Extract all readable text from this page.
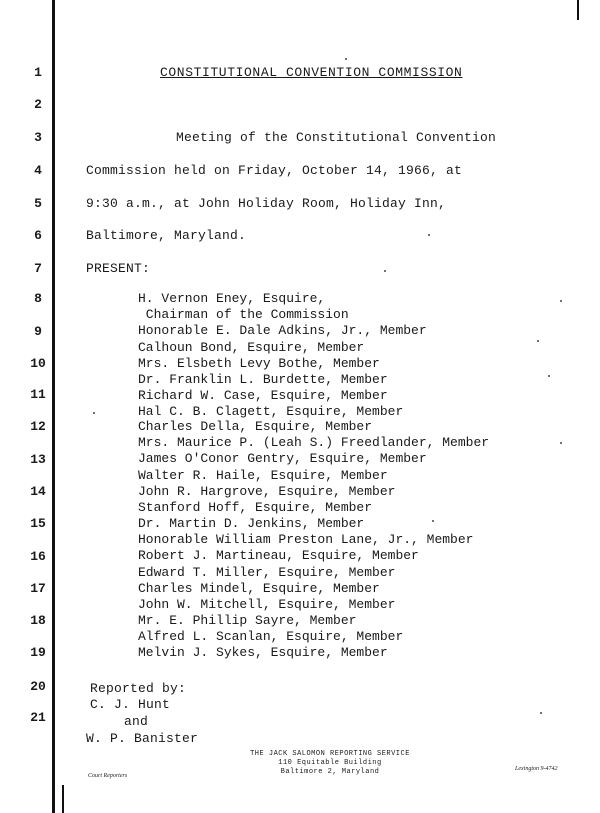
1
2
3
4
5
6
7
8
9
10
11
12
13
14
15
16
17
18
19
20
21
CONSTITUTIONAL CONVENTION COMMISSION
Meeting of the Constitutional Convention
Commission held on Friday, October 14, 1966, at
9:30 a.m., at John Holiday Room, Holiday Inn,
Baltimore, Maryland.
PRESENT:
H. Vernon Eney, Esquire,
Chairman of the Commission
Honorable E. Dale Adkins, Jr., Member
Calhoun Bond, Esquire, Member
Mrs. Elsbeth Levy Bothe, Member
Dr. Franklin L. Burdette, Member
Richard W. Case, Esquire, Member
Hal C. B. Clagett, Esquire, Member
Charles Della, Esquire, Member
Mrs. Maurice P. (Leah S.) Freedlander, Member
James O'Conor Gentry, Esquire, Member
Walter R. Haile, Esquire, Member
John R. Hargrove, Esquire, Member
Stanford Hoff, Esquire, Member
Dr. Martin D. Jenkins, Member
Honorable William Preston Lane, Jr., Member
Robert J. Martineau, Esquire, Member
Edward T. Miller, Esquire, Member
Charles Mindel, Esquire, Member
John W. Mitchell, Esquire, Member
Mr. E. Phillip Sayre, Member
Alfred L. Scanlan, Esquire, Member
Melvin J. Sykes, Esquire, Member
Reported by:
C. J. Hunt
and
W. P. Banister
THE JACK SALOMON REPORTING SERVICE
110 Equitable Building
Baltimore 2, Maryland
Court Reporters
Lexington 9-4742
